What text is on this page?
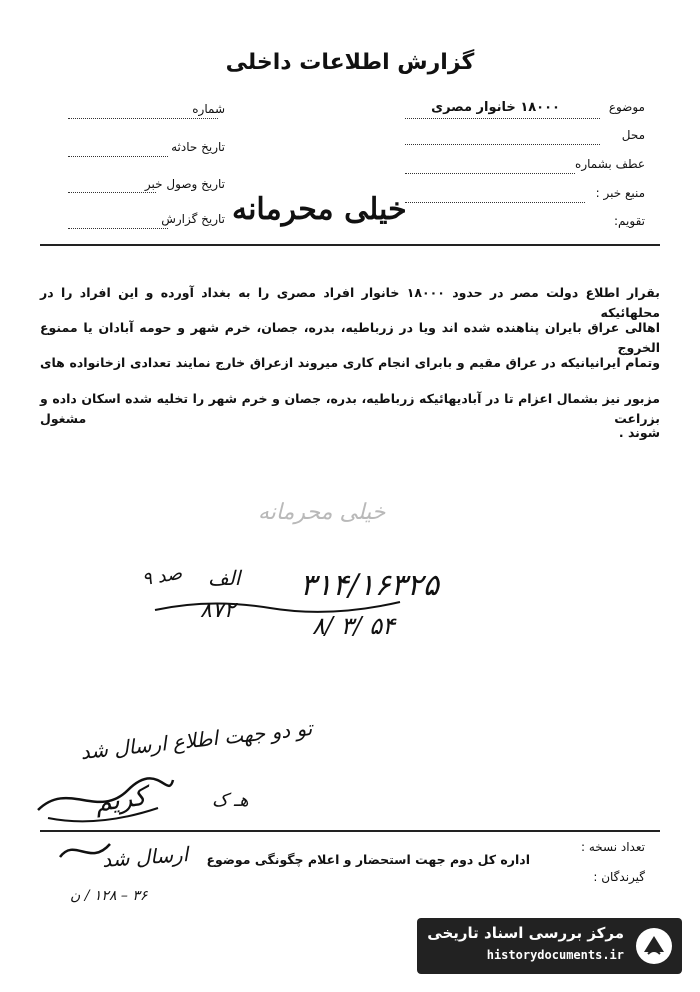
گزارش اطلاعات داخلی
موضوع
۱۸۰۰۰ خانوار مصری
محل
عطف بشماره
منبع خبر :
تقویم:
شماره
تاریخ حادثه
تاریخ وصول خبر
تاریخ گزارش خیلی محرمانه
بقرار اطلاع دولت مصر در حدود ۱۸۰۰۰ خانوار افراد مصری را به بغداد آورده و این افراد را در محلهائیکه
اهالی عراق بایران پناهنده شده اند ویا در زرباطیه، بدره، جصان، خرم شهر و حومه آبادان یا ممنوع الخروج
وتمام ایرانیانیکه در عراق مقیم و بابرای انجام کاری میروند ازعراق خارج نمایند تعدادی ازخانواده های
مزبور نیز بشمال اعزام تا در آبادیهائیکه زرباطیه، بدره، جصان و خرم شهر را تخلیه شده اسکان داده و بزراعت مشغول
شوند .
خیلی محرمانه
۳۱۴/۱۶۳۲۵
۸/ ۳/ ۵۴
الف
صد ۹
۸۷۲
تو دو جهت اطلاع ارسال شد
کریم	هـ ک
ارسال شد	تعداد نسخه :
گیرندگان :
اداره کل دوم جهت استحضار و اعلام چگونگی موضوع
۳۶ – ۱۲۸ / ن
مرکز بررسی اسناد تاریخی
historydocuments.ir
